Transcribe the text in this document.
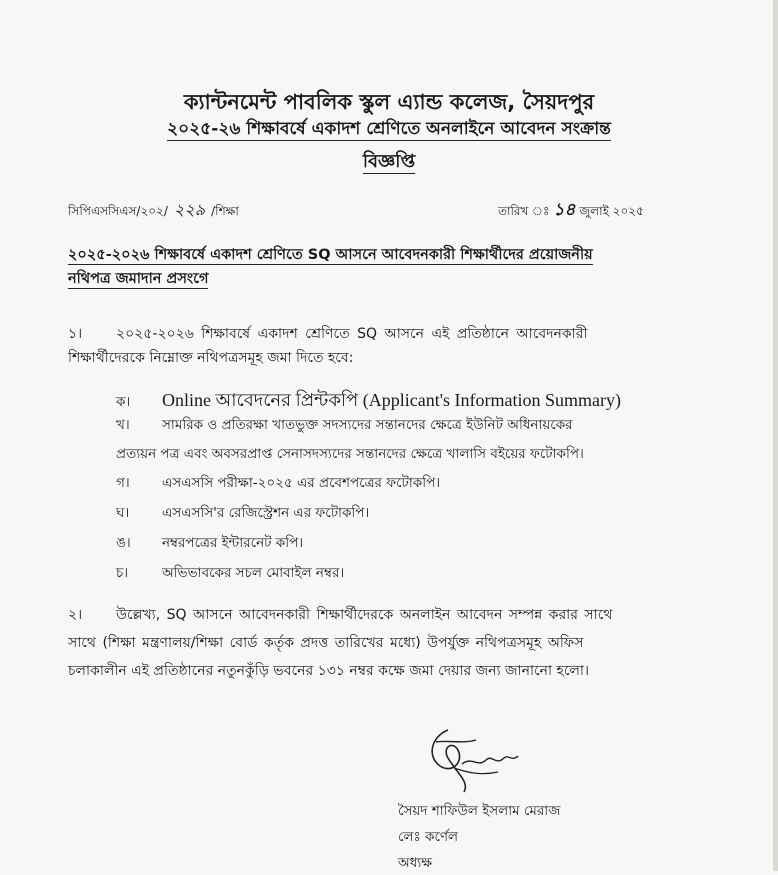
ক্যান্টনমেন্ট পাবলিক স্কুল এ্যান্ড কলেজ, সৈয়দপুর
২০২৫-২৬ শিক্ষাবর্ষে একাদশ শ্রেণিতে অনলাইনে আবেদন সংক্রান্ত
বিজ্ঞপ্তি
সিপিএসসিএস/২০২/ ২২৯ /শিক্ষা	তারিখ ঃ ১৪ জুলাই ২০২৫
২০২৫-২০২৬ শিক্ষাবর্ষে একাদশ শ্রেণিতে SQ আসনে আবেদনকারী শিক্ষার্থীদের প্রয়োজনীয়
নথিপত্র জমাদান প্রসংগে
১। ২০২৫-২০২৬ শিক্ষাবর্ষে একাদশ শ্রেণিতে SQ আসনে এই প্রতিষ্ঠানে আবেদনকারী
শিক্ষার্থীদেরকে নিম্নোক্ত নথিপত্রসমূহ জমা দিতে হবে:
ক। Online আবেদনের প্রিন্টকপি (Applicant's Information Summary)
খ। সামরিক ও প্রতিরক্ষা খাতভুক্ত সদস্যদের সন্তানদের ক্ষেত্রে ইউনিট অধিনায়কের
প্রত্যয়ন পত্র এবং অবসরপ্রাপ্ত সেনাসদস্যদের সন্তানদের ক্ষেত্রে খালাসি বইয়ের ফটোকপি।
গ। এসএসসি পরীক্ষা-২০২৫ এর প্রবেশপত্রের ফটোকপি।
ঘ। এসএসসি'র রেজিস্ট্রেশন এর ফটোকপি।
ঙ। নম্বরপত্রের ইন্টারনেট কপি।
চ।	অভিভাবকের সচল মোবাইল নম্বর।
২। উল্লেখ্য, SQ আসনে আবেদনকারী শিক্ষার্থীদেরকে অনলাইন আবেদন সম্পন্ন করার সাথে
সাথে (শিক্ষা মন্ত্রণালয়/শিক্ষা বোর্ড কর্তৃক প্রদত্ত তারিখের মধ্যে) উপর্যুক্ত নথিপত্রসমূহ অফিস
চলাকালীন এই প্রতিষ্ঠানের নতুনকুঁড়ি ভবনের ১৩১ নম্বর কক্ষে জমা দেয়ার জন্য জানানো হলো।
সৈয়দ শাফিউল ইসলাম মেরাজ
লেঃ কর্ণেল
অধ্যক্ষ
